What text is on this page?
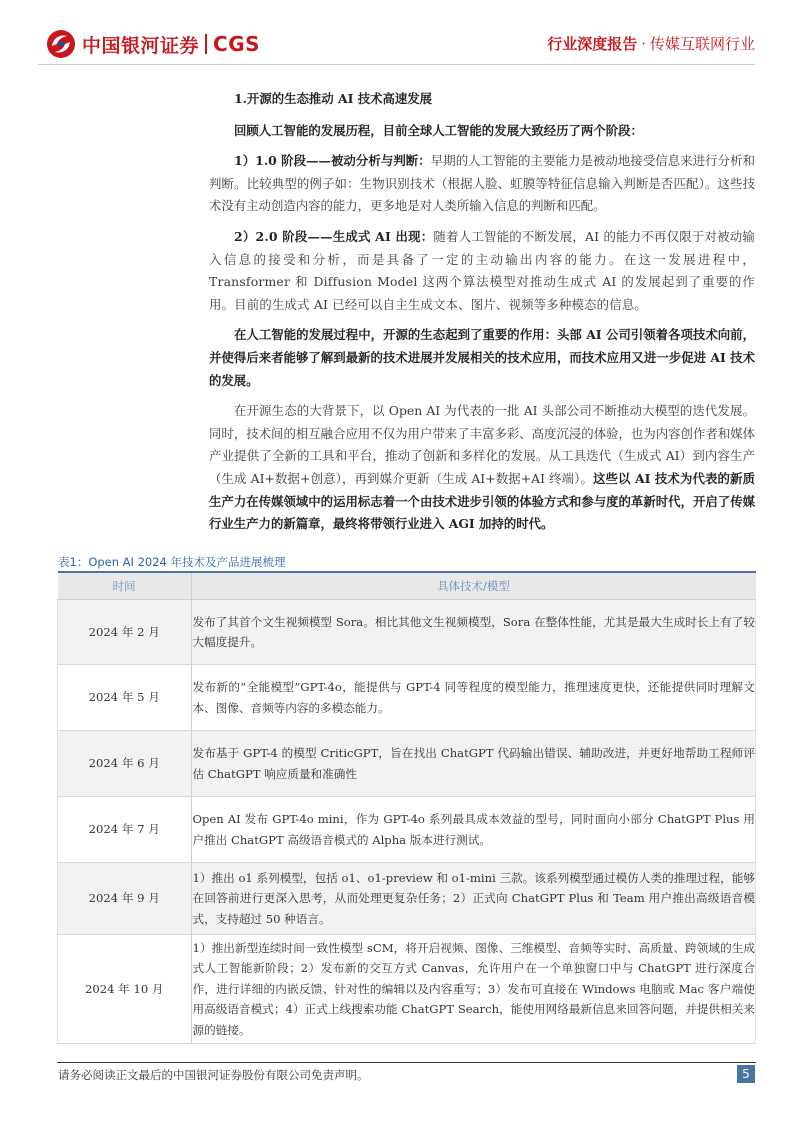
中国银河证券 CGS	行业深度报告 · 传媒互联网行业

1.开源的生态推动 AI 技术高速发展

回顾人工智能的发展历程，目前全球人工智能的发展大致经历了两个阶段：

1）1.0 阶段——被动分析与判断：早期的人工智能的主要能力是被动地接受信息来进行分析和判断。比较典型的例子如：生物识别技术（根据人脸、虹膜等特征信息输入判断是否匹配）。这些技术没有主动创造内容的能力，更多地是对人类所输入信息的判断和匹配。

2）2.0 阶段——生成式 AI 出现：随着人工智能的不断发展，AI 的能力不再仅限于对被动输入信息的接受和分析，而是具备了一定的主动输出内容的能力。在这一发展进程中，Transformer 和 Diffusion Model 这两个算法模型对推动生成式 AI 的发展起到了重要的作用。目前的生成式 AI 已经可以自主生成文本、图片、视频等多种模态的信息。

在人工智能的发展过程中，开源的生态起到了重要的作用：头部 AI 公司引领着各项技术向前，并使得后来者能够了解到最新的技术进展并发展相关的技术应用，而技术应用又进一步促进 AI 技术的发展。

在开源生态的大背景下，以 Open AI 为代表的一批 AI 头部公司不断推动大模型的迭代发展。同时，技术间的相互融合应用不仅为用户带来了丰富多彩、高度沉浸的体验，也为内容创作者和媒体产业提供了全新的工具和平台，推动了创新和多样化的发展。从工具迭代（生成式 AI）到内容生产（生成 AI+数据+创意），再到媒介更新（生成 AI+数据+AI 终端）。这些以 AI 技术为代表的新质生产力在传媒领域中的运用标志着一个由技术进步引领的体验方式和参与度的革新时代，开启了传媒行业生产力的新篇章，最终将带领行业进入 AGI 加持的时代。

表1：Open AI 2024 年技术及产品进展梳理
时间	具体技术/模型
2024 年 2 月	发布了其首个文生视频模型 Sora。相比其他文生视频模型，Sora 在整体性能，尤其是最大生成时长上有了较大幅度提升。
2024 年 5 月	发布新的“全能模型”GPT-4o，能提供与 GPT-4 同等程度的模型能力，推理速度更快，还能提供同时理解文本、图像、音频等内容的多模态能力。
2024 年 6 月	发布基于 GPT-4 的模型 CriticGPT，旨在找出 ChatGPT 代码输出错误、辅助改进，并更好地帮助工程师评估 ChatGPT 响应质量和准确性
2024 年 7 月	Open AI 发布 GPT-4o mini，作为 GPT-4o 系列最具成本效益的型号，同时面向小部分 ChatGPT Plus 用户推出 ChatGPT 高级语音模式的 Alpha 版本进行测试。
2024 年 9 月	1）推出 o1 系列模型，包括 o1、o1-preview 和 o1-mini 三款。该系列模型通过模仿人类的推理过程，能够在回答前进行更深入思考，从而处理更复杂任务；2）正式向 ChatGPT Plus 和 Team 用户推出高级语音模式，支持超过 50 种语言。
2024 年 10 月	1）推出新型连续时间一致性模型 sCM，将开启视频、图像、三维模型、音频等实时、高质量、跨领域的生成式人工智能新阶段；2）发布新的交互方式 Canvas，允许用户在一个单独窗口中与 ChatGPT 进行深度合作，进行详细的内嵌反馈、针对性的编辑以及内容重写；3）发布可直接在 Windows 电脑或 Mac 客户端使用高级语音模式；4）正式上线搜索功能 ChatGPT Search，能使用网络最新信息来回答问题，并提供相关来源的链接。
请务必阅读正文最后的中国银河证券股份有限公司免责声明。	5
